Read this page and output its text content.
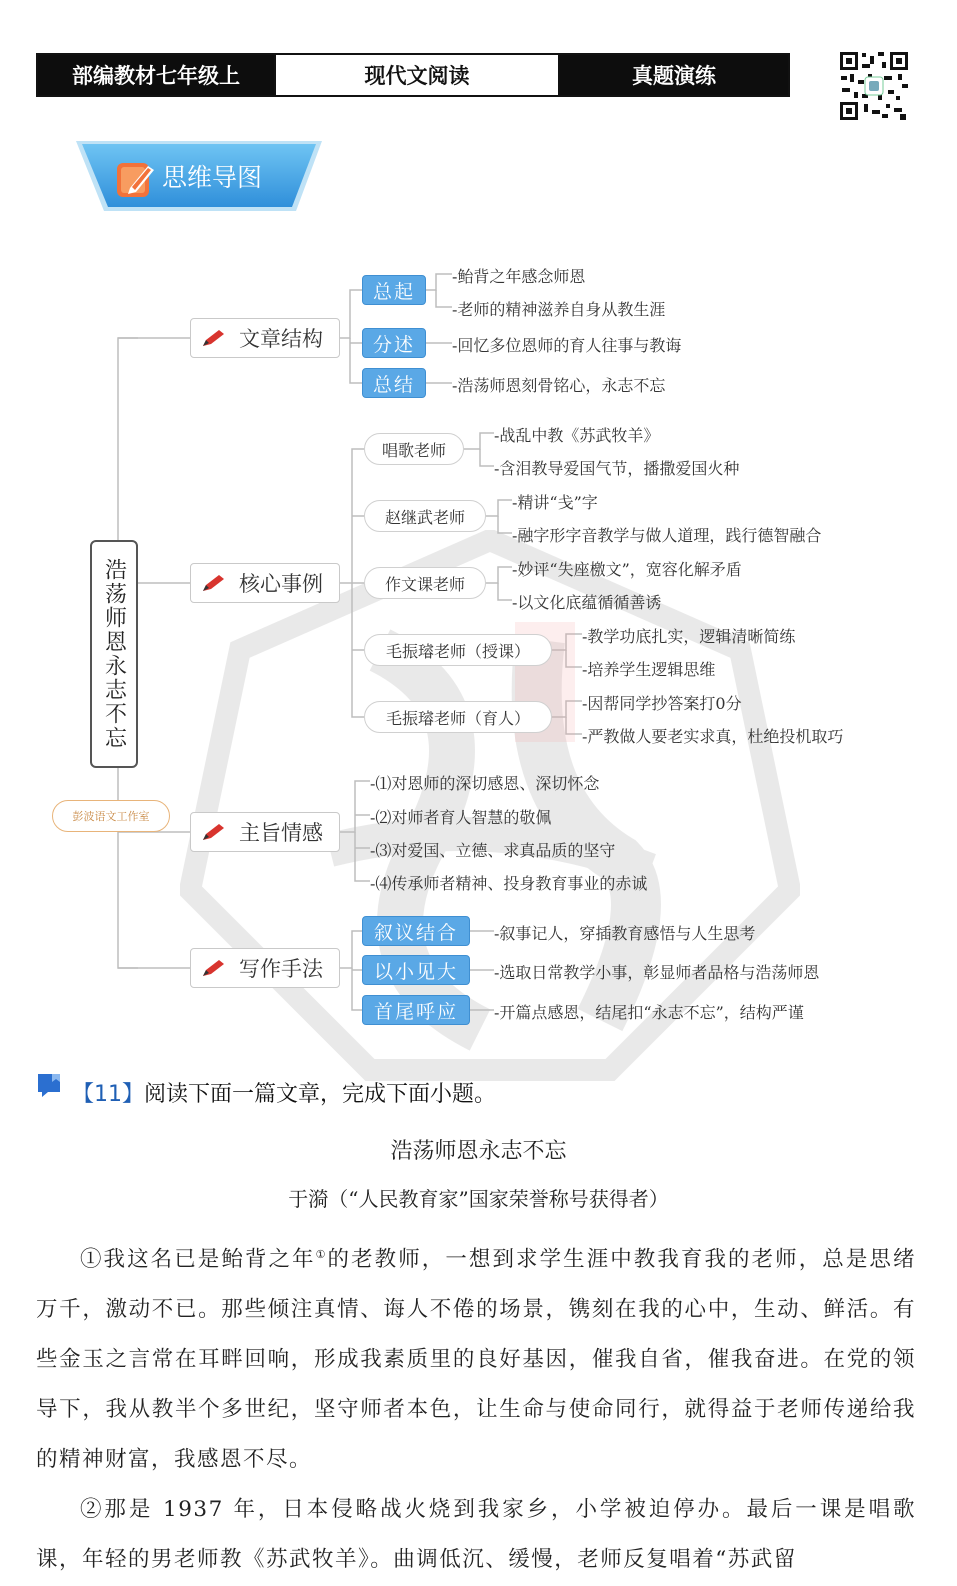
部编教材七年级上	现代文阅读	真题演练
思维导图
浩荡师恩永志不忘
彭波语文工作室
文章结构
总起
分述
总结
-鲐背之年感念师恩
-老师的精神滋养自身从教生涯
-回忆多位恩师的育人往事与教诲
-浩荡师恩刻骨铭心，永志不忘
核心事例
唱歌老师
赵继武老师
作文课老师
毛振璿老师（授课）
毛振璿老师（育人）
-战乱中教《苏武牧羊》
-含泪教导爱国气节，播撒爱国火种
-精讲“戋”字
-融字形字音教学与做人道理，践行德智融合
-妙评“失座檄文”，宽容化解矛盾
-以文化底蕴循循善诱
-教学功底扎实，逻辑清晰简练
-培养学生逻辑思维
-因帮同学抄答案打0分
-严教做人要老实求真，杜绝投机取巧
主旨情感
-⑴对恩师的深切感恩、深切怀念
-⑵对师者育人智慧的敬佩
-⑶对爱国、立德、求真品质的坚守
-⑷传承师者精神、投身教育事业的赤诚
写作手法
叙议结合
以小见大
首尾呼应
-叙事记人，穿插教育感悟与人生思考
-选取日常教学小事，彰显师者品格与浩荡师恩
-开篇点感恩，结尾扣“永志不忘”，结构严谨
【11】阅读下面一篇文章，完成下面小题。
浩荡师恩永志不忘
于漪（“人民教育家”国家荣誉称号获得者）

①我这名已是鲐背之年①的老教师，一想到求学生涯中教我育我的老师，总是思绪万千，激动不已。那些倾注真情、诲人不倦的场景，镌刻在我的心中，生动、鲜活。有些金玉之言常在耳畔回响，形成我素质里的良好基因，催我自省，催我奋进。在党的领导下，我从教半个多世纪，坚守师者本色，让生命与使命同行，就得益于老师传递给我的精神财富，我感恩不尽。

②那是 1937 年，日本侵略战火烧到我家乡，小学被迫停办。最后一课是唱歌课，年轻的男老师教《苏武牧羊》。曲调低沉、缓慢，老师反复唱着“苏武留
